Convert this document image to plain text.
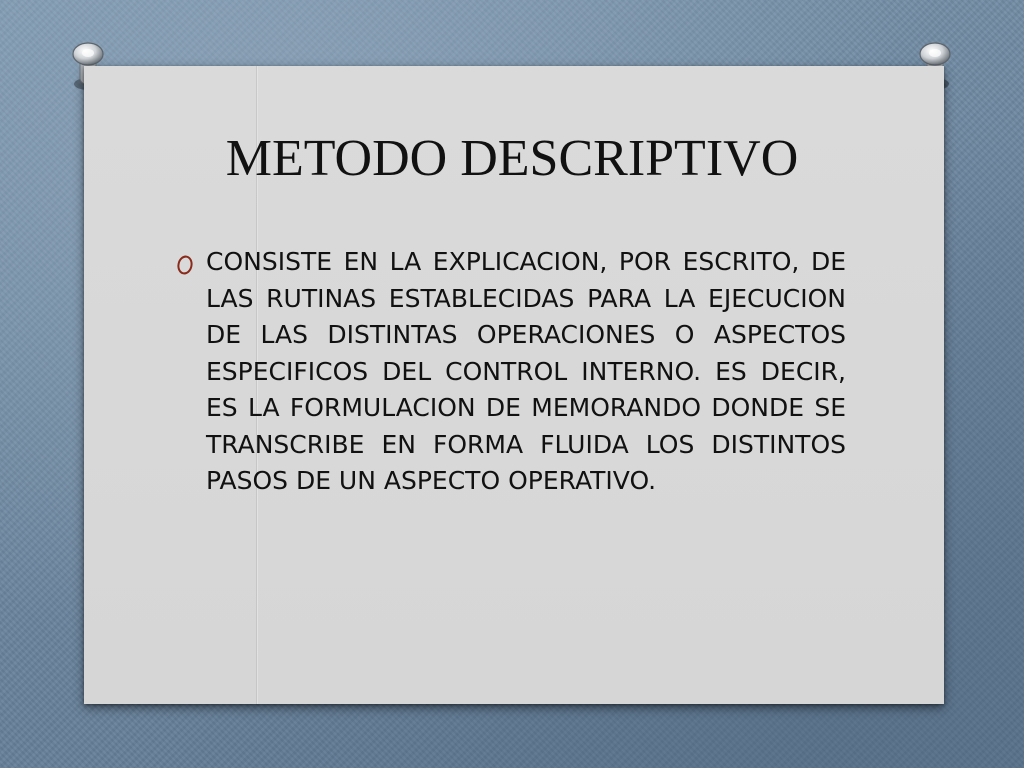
METODO DESCRIPTIVO
CONSISTE EN LA EXPLICACION, POR ESCRITO, DE LAS RUTINAS ESTABLECIDAS PARA LA EJECUCION DE LAS DISTINTAS OPERACIONES O ASPECTOS ESPECIFICOS DEL CONTROL INTERNO. ES DECIR, ES LA FORMULACION DE MEMORANDO DONDE SE TRANSCRIBE EN FORMA FLUIDA LOS DISTINTOS PASOS DE UN ASPECTO OPERATIVO.
